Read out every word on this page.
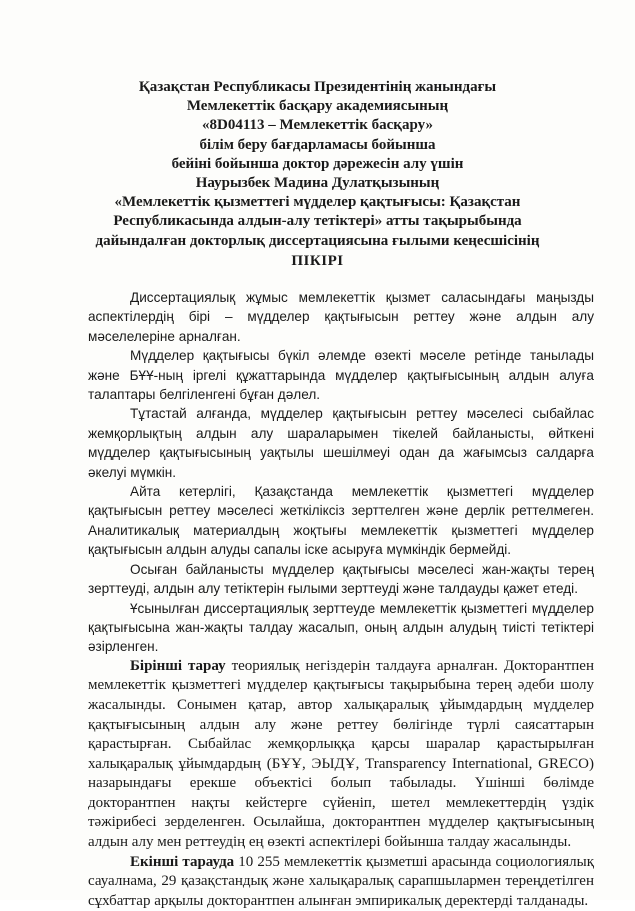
Қазақстан Республикасы Президентінің жанындағы
Мемлекеттік басқару академиясының
«8D04113 – Мемлекеттік басқару»
білім беру бағдарламасы бойынша
бейіні бойынша доктор дәрежесін алу үшін
Наурызбек Мадина Дулатқызының
«Мемлекеттік қызметтегі мүдделер қақтығысы: Қазақстан
Республикасында алдын-алу тетіктері» атты тақырыбында
дайындалған докторлық диссертациясына ғылыми кеңесшісінің
ПІКІРІ

Диссертациялық жұмыс мемлекеттік қызмет саласындағы маңызды аспектілердің бірі – мүдделер қақтығысын реттеу және алдын алу мәселелеріне арналған.

Мүдделер қақтығысы бүкіл әлемде өзекті мәселе ретінде танылады және БҰҰ-ның іргелі құжаттарында мүдделер қақтығысының алдын алуға талаптары белгіленгені бұған дәлел.

Тұтастай алғанда, мүдделер қақтығысын реттеу мәселесі сыбайлас жемқорлықтың алдын алу шараларымен тікелей байланысты, өйткені мүдделер қақтығысының уақтылы шешілмеуі одан да жағымсыз салдарға әкелуі мүмкін.

Айта кетерлігі, Қазақстанда мемлекеттік қызметтегі мүдделер қақтығысын реттеу мәселесі жеткіліксіз зерттелген және дерлік реттелмеген. Аналитикалық материалдың жоқтығы мемлекеттік қызметтегі мүдделер қақтығысын алдын алуды сапалы іске асыруға мүмкіндік бермейді.

Осыған байланысты мүдделер қақтығысы мәселесі жан-жақты терең зерттеуді, алдын алу тетіктерін ғылыми зерттеуді және талдауды қажет етеді.

Ұсынылған диссертациялық зерттеуде мемлекеттік қызметтегі мүдделер қақтығысына жан-жақты талдау жасалып, оның алдын алудың тиісті тетіктері әзірленген.

Бірінші тарау теориялық негіздерін талдауға арналған. Докторантпен мемлекеттік қызметтегі мүдделер қақтығысы тақырыбына терең әдеби шолу жасалынды. Сонымен қатар, автор халықаралық ұйымдардың мүдделер қақтығысының алдын алу және реттеу бөлігінде түрлі саясаттарын қарастырған. Сыбайлас жемқорлыққа қарсы шаралар қарастырылған халықаралық ұйымдардың (БҰҰ, ЭЫДҰ, Transparency International, GRECO) назарындағы ерекше объектісі болып табылады. Үшінші бөлімде докторантпен нақты кейстерге сүйеніп, шетел мемлекеттердің үздік тәжірибесі зерделенген. Осылайша, докторантпен мүдделер қақтығысының алдын алу мен реттеудің ең өзекті аспектілері бойынша талдау жасалынды.

Екінші тарауда 10 255 мемлекеттік қызметші арасында социологиялық сауалнама, 29 қазақстандық және халықаралық сарапшылармен тереңдетілген сұхбаттар арқылы докторантпен алынған эмпирикалық деректерді талданады.
